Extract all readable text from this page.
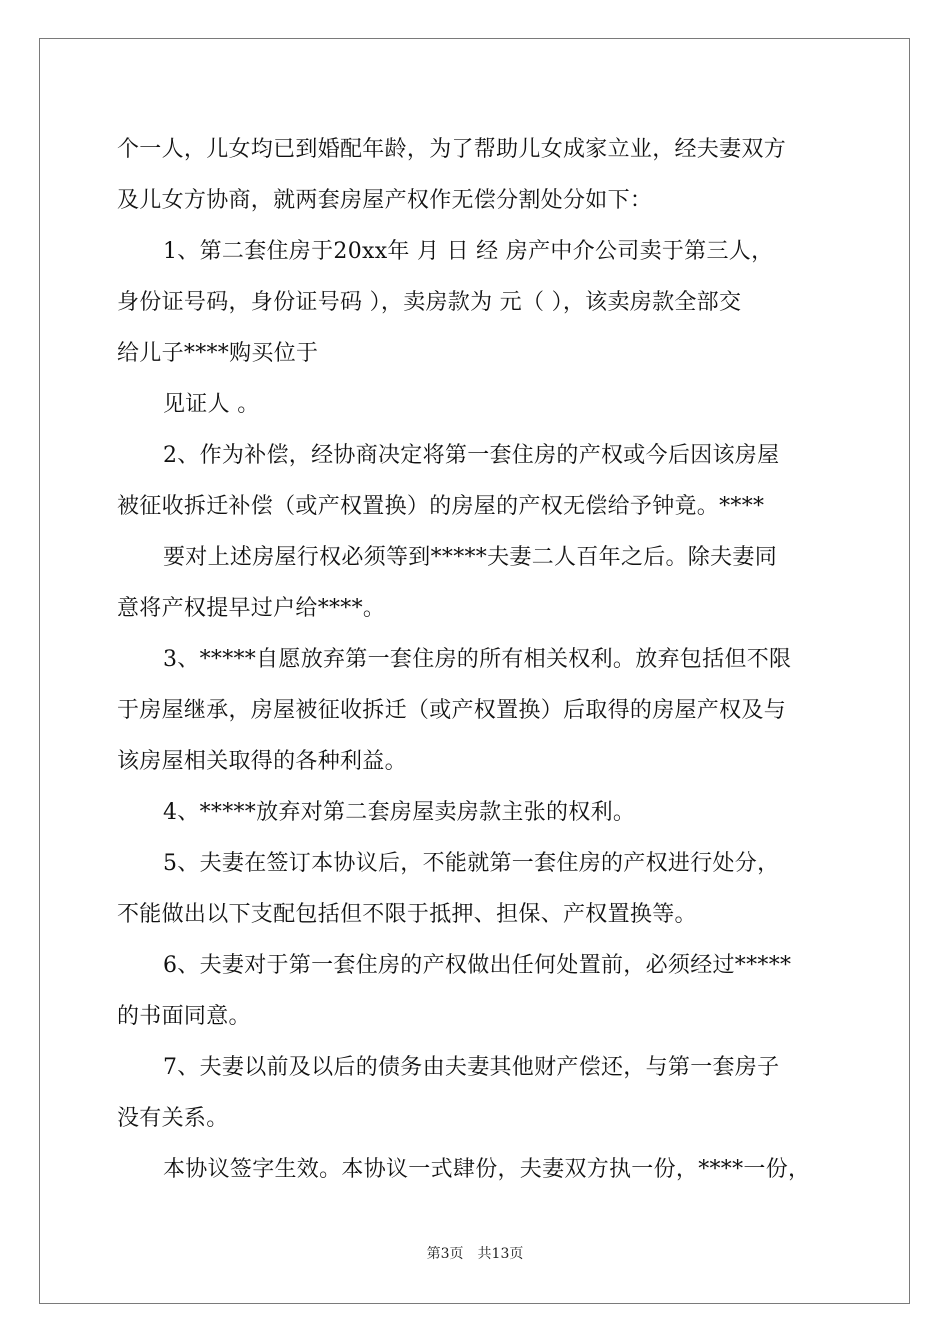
个一人，儿女均已到婚配年龄，为了帮助儿女成家立业，经夫妻双方
及儿女方协商，就两套房屋产权作无偿分割处分如下：
1、第二套住房于20xx年 月 日 经 房产中介公司卖于第三人，
身份证号码，身份证号码 ），卖房款为 元（ ），该卖房款全部交
给儿子****购买位于
见证人 。
2、作为补偿，经协商决定将第一套住房的产权或今后因该房屋
被征收拆迁补偿（或产权置换）的房屋的产权无偿给予钟竟。****
要对上述房屋行权必须等到*****夫妻二人百年之后。除夫妻同
意将产权提早过户给****。
3、*****自愿放弃第一套住房的所有相关权利。放弃包括但不限
于房屋继承，房屋被征收拆迁（或产权置换）后取得的房屋产权及与
该房屋相关取得的各种利益。
4、*****放弃对第二套房屋卖房款主张的权利。
5、夫妻在签订本协议后，不能就第一套住房的产权进行处分，
不能做出以下支配包括但不限于抵押、担保、产权置换等。
6、夫妻对于第一套住房的产权做出任何处置前，必须经过*****
的书面同意。
7、夫妻以前及以后的债务由夫妻其他财产偿还，与第一套房子
没有关系。
本协议签字生效。本协议一式肆份，夫妻双方执一份，****一份，
第3页　共13页
